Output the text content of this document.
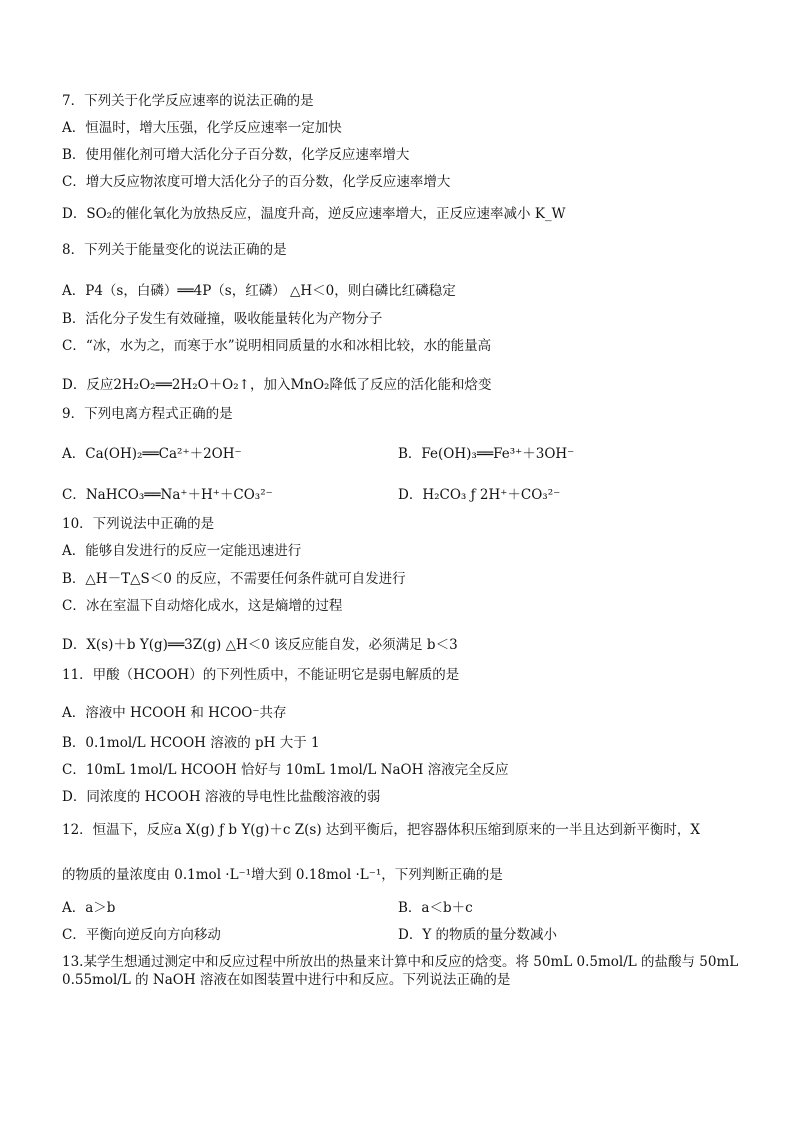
7．下列关于化学反应速率的说法正确的是
A．恒温时，增大压强，化学反应速率一定加快
B．使用催化剂可增大活化分子百分数，化学反应速率增大
C．增大反应物浓度可增大活化分子的百分数，化学反应速率增大
D．SO₂的催化氧化为放热反应，温度升高，逆反应速率增大，正反应速率减小 K_W
8．下列关于能量变化的说法正确的是
A．P4（s，白磷）══4P（s，红磷） △H＜0，则白磷比红磷稳定
B．活化分子发生有效碰撞，吸收能量转化为产物分子
C．“冰，水为之，而寒于水”说明相同质量的水和冰相比较，水的能量高
D．反应2H₂O₂══2H₂O＋O₂↑，加入MnO₂降低了反应的活化能和焓变
9．下列电离方程式正确的是
A．Ca(OH)₂══Ca²⁺＋2OH⁻	B．Fe(OH)₃══Fe³⁺＋3OH⁻
C．NaHCO₃══Na⁺＋H⁺＋CO₃²⁻	D．H₂CO₃ ƒ 2H⁺＋CO₃²⁻
10．下列说法中正确的是
A．能够自发进行的反应一定能迅速进行
B．△H－T△S＜0 的反应，不需要任何条件就可自发进行
C．冰在室温下自动熔化成水，这是熵增的过程
D．X(s)＋b Y(g)══3Z(g) △H＜0 该反应能自发，必须满足 b＜3
11．甲酸（HCOOH）的下列性质中，不能证明它是弱电解质的是
A．溶液中 HCOOH 和 HCOO⁻共存
B．0.1mol/L HCOOH 溶液的 pH 大于 1
C．10mL 1mol/L HCOOH 恰好与 10mL 1mol/L NaOH 溶液完全反应
D．同浓度的 HCOOH 溶液的导电性比盐酸溶液的弱
12．恒温下，反应a X(g) ƒ b Y(g)＋c Z(s) 达到平衡后，把容器体积压缩到原来的一半且达到新平衡时，X
的物质的量浓度由 0.1mol ·L⁻¹增大到 0.18mol ·L⁻¹，下列判断正确的是
A．a＞b	B．a＜b＋c
C．平衡向逆反向方向移动	D．Y 的物质的量分数减小
13.某学生想通过测定中和反应过程中所放出的热量来计算中和反应的焓变。将 50mL 0.5mol/L 的盐酸与 50mL 0.55mol/L 的 NaOH 溶液在如图装置中进行中和反应。下列说法正确的是
